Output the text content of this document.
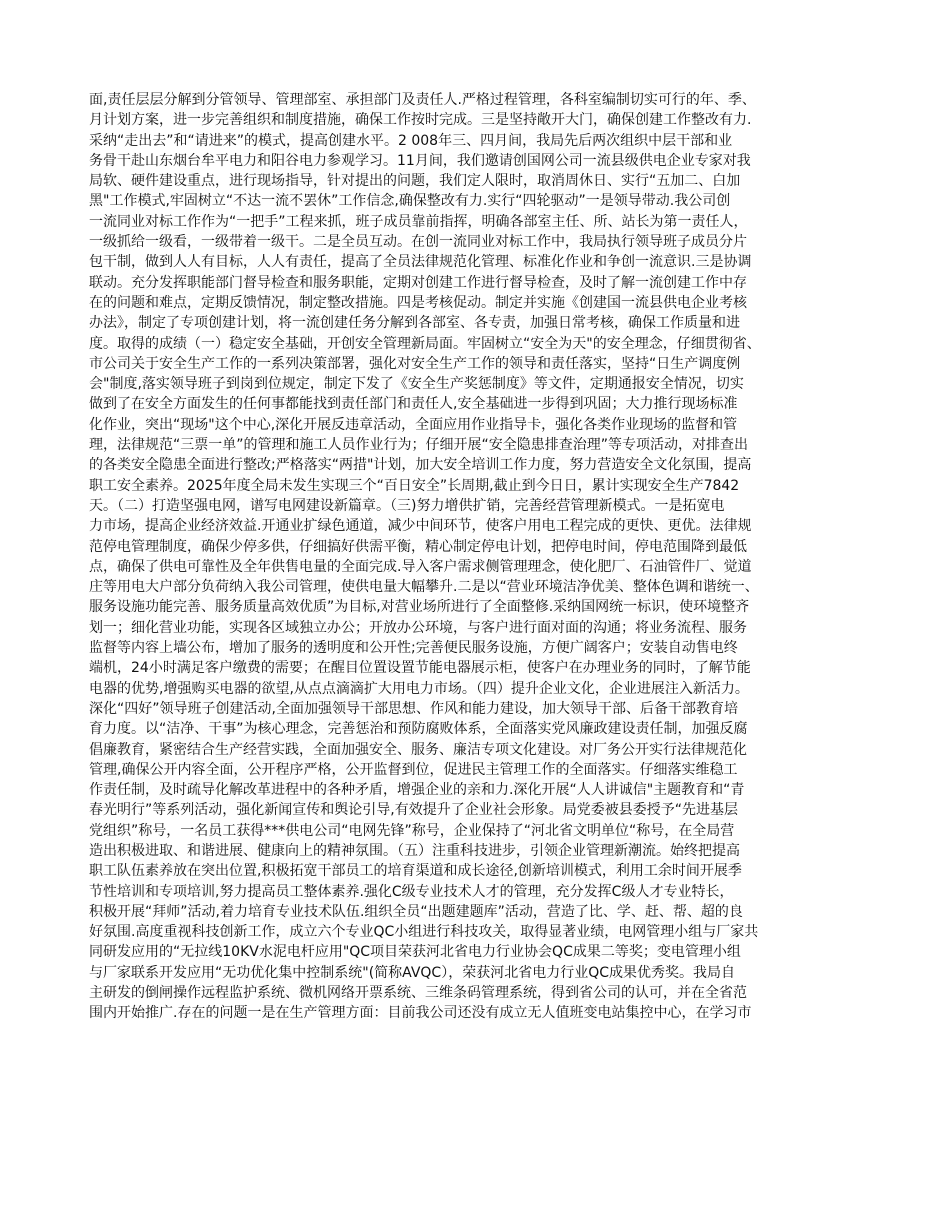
面,责任层层分解到分管领导、管理部室、承担部门及责任人.严格过程管理，各科室编制切实可行的年、季、
月计划方案，进一步完善组织和制度措施，确保工作按时完成。三是坚持敞开大门，确保创建工作整改有力.
采纳“走出去”和“请进来”的模式，提高创建水平。2 008年三、四月间，我局先后两次组织中层干部和业
务骨干赴山东烟台牟平电力和阳谷电力参观学习。11月间，我们邀请创国网公司一流县级供电企业专家对我
局软、硬件建设重点，进行现场指导，针对提出的问题，我们定人限时，取消周休日、实行“五加二、白加
黑"工作模式,牢固树立“不达一流不罢休”工作信念,确保整改有力.实行“四轮驱动”一是领导带动.我公司创
一流同业对标工作作为“一把手”工程来抓，班子成员靠前指挥，明确各部室主任、所、站长为第一责任人，
一级抓给一级看，一级带着一级干。二是全员互动。在创一流同业对标工作中，我局执行领导班子成员分片
包干制，做到人人有目标，人人有责任，提高了全员法律规范化管理、标准化作业和争创一流意识.三是协调
联动。充分发挥职能部门督导检查和服务职能，定期对创建工作进行督导检查，及时了解一流创建工作中存
在的问题和难点，定期反馈情况，制定整改措施。四是考核促动。制定并实施《创建国一流县供电企业考核
办法》，制定了专项创建计划，将一流创建任务分解到各部室、各专责，加强日常考核，确保工作质量和进
度。取得的成绩（一）稳定安全基础，开创安全管理新局面。牢固树立“安全为天"的安全理念，仔细贯彻省、
市公司关于安全生产工作的一系列决策部署，强化对安全生产工作的领导和责任落实，坚持“日生产调度例
会"制度,落实领导班子到岗到位规定，制定下发了《安全生产奖惩制度》等文件，定期通报安全情况，切实
做到了在安全方面发生的任何事都能找到责任部门和责任人,安全基础进一步得到巩固；大力推行现场标准
化作业，突出“现场"这个中心,深化开展反违章活动，全面应用作业指导卡，强化各类作业现场的监督和管
理，法律规范“三票一单”的管理和施工人员作业行为；仔细开展“安全隐患排查治理”等专项活动，对排查出
的各类安全隐患全面进行整改;严格落实“两措"计划，加大安全培训工作力度，努力营造安全文化氛围，提高
职工安全素养。2025年度全局未发生实现三个“百日安全”长周期,截止到今日日，累计实现安全生产7842
天。（二）打造坚强电网，谱写电网建设新篇章。（三)努力增供扩销，完善经营管理新模式。一是拓宽电
力市场，提高企业经济效益.开通业扩绿色通道，减少中间环节，使客户用电工程完成的更快、更优。法律规
范停电管理制度，确保少停多供，仔细搞好供需平衡，精心制定停电计划，把停电时间，停电范围降到最低
点，确保了供电可靠性及全年供售电量的全面完成.导入客户需求侧管理理念，使化肥厂、石油管件厂、觉道
庄等用电大户部分负荷纳入我公司管理，使供电量大幅攀升.二是以“营业环境洁净优美、整体色调和谐统一、
服务设施功能完善、服务质量高效优质”为目标,对营业场所进行了全面整修.采纳国网统一标识，使环境整齐
划一；细化营业功能，实现各区域独立办公；开放办公环境，与客户进行面对面的沟通；将业务流程、服务
监督等内容上墙公布，增加了服务的透明度和公开性;完善便民服务设施，方便广阔客户；安装自动售电终
端机，24小时满足客户缴费的需要；在醒目位置设置节能电器展示柜，使客户在办理业务的同时，了解节能
电器的优势,增强购买电器的欲望,从点点滴滴扩大用电力市场。（四）提升企业文化，企业进展注入新活力。
深化“四好”领导班子创建活动,全面加强领导干部思想、作风和能力建设，加大领导干部、后备干部教育培
育力度。以“洁净、干事”为核心理念，完善惩治和预防腐败体系，全面落实党风廉政建设责任制，加强反腐
倡廉教育，紧密结合生产经营实践，全面加强安全、服务、廉洁专项文化建设。对厂务公开实行法律规范化
管理,确保公开内容全面，公开程序严格，公开监督到位，促进民主管理工作的全面落实。仔细落实维稳工
作责任制，及时疏导化解改革进程中的各种矛盾，增强企业的亲和力.深化开展“人人讲诚信"主题教育和“青
春光明行”等系列活动，强化新闻宣传和舆论引导,有效提升了企业社会形象。局党委被县委授予“先进基层
党组织”称号，一名员工获得***供电公司“电网先锋”称号，企业保持了“河北省文明单位“称号，在全局营
造出积极进取、和谐进展、健康向上的精神氛围。（五）注重科技进步，引领企业管理新潮流。始终把提高
职工队伍素养放在突出位置,积极拓宽干部员工的培育渠道和成长途径,创新培训模式，利用工余时间开展季
节性培训和专项培训,努力提高员工整体素养.强化C级专业技术人才的管理，充分发挥C级人才专业特长，
积极开展“拜师”活动,着力培育专业技术队伍.组织全员“出题建题库”活动，营造了比、学、赶、帮、超的良
好氛围.高度重视科技创新工作，成立六个专业QC小组进行科技攻关，取得显著业绩，电网管理小组与厂家共
同研发应用的“无拉线10KV水泥电杆应用"QC项目荣获河北省电力行业协会QC成果二等奖；变电管理小组
与厂家联系开发应用“无功优化集中控制系统"(简称AVQC），荣获河北省电力行业QC成果优秀奖。我局自
主研发的倒闸操作远程监护系统、微机网络开票系统、三维条码管理系统，得到省公司的认可，并在全省范
围内开始推广.存在的问题一是在生产管理方面：目前我公司还没有成立无人值班变电站集控中心，在学习市
